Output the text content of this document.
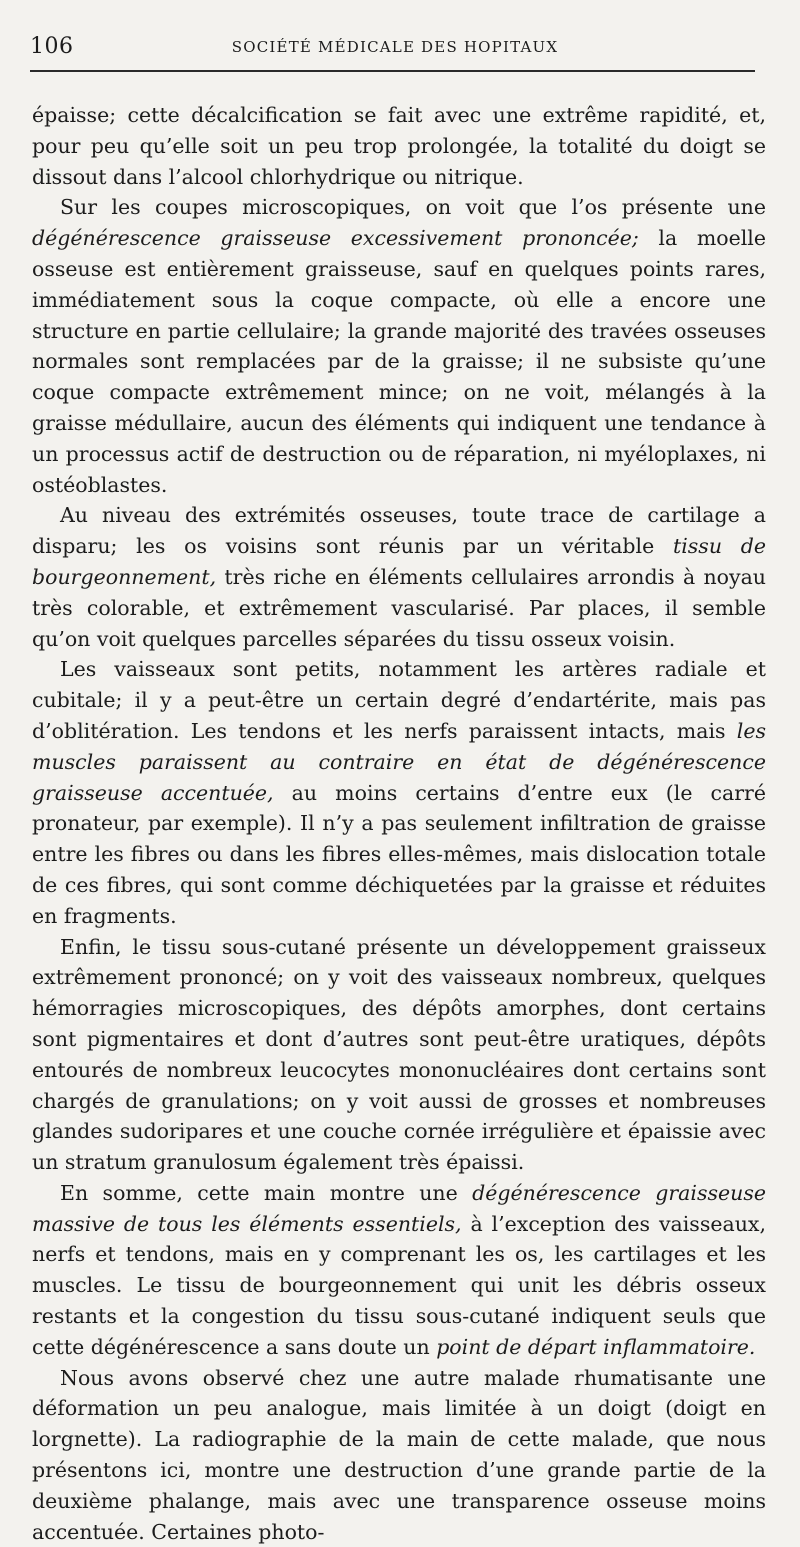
106	SOCIÉTÉ MÉDICALE DES HOPITAUX

épaisse; cette décalcification se fait avec une extrême rapidité, et, pour peu qu’elle soit un peu trop prolongée, la totalité du doigt se dissout dans l’alcool chlorhydrique ou nitrique.

Sur les coupes microscopiques, on voit que l’os présente une dégénérescence graisseuse excessivement prononcée; la moelle osseuse est entièrement graisseuse, sauf en quelques points rares, immédiatement sous la coque compacte, où elle a encore une structure en partie cellulaire; la grande majorité des travées osseuses normales sont remplacées par de la graisse; il ne subsiste qu’une coque compacte extrêmement mince; on ne voit, mélangés à la graisse médullaire, aucun des éléments qui indiquent une tendance à un processus actif de destruction ou de réparation, ni myéloplaxes, ni ostéoblastes.

Au niveau des extrémités osseuses, toute trace de cartilage a disparu; les os voisins sont réunis par un véritable tissu de bourgeonnement, très riche en éléments cellulaires arrondis à noyau très colorable, et extrêmement vascularisé. Par places, il semble qu’on voit quelques parcelles séparées du tissu osseux voisin.

Les vaisseaux sont petits, notamment les artères radiale et cubitale; il y a peut-être un certain degré d’endartérite, mais pas d’oblitération. Les tendons et les nerfs paraissent intacts, mais les muscles paraissent au contraire en état de dégénérescence graisseuse accentuée, au moins certains d’entre eux (le carré pronateur, par exemple). Il n’y a pas seulement infiltration de graisse entre les fibres ou dans les fibres elles-mêmes, mais dislocation totale de ces fibres, qui sont comme déchiquetées par la graisse et réduites en fragments.

Enfin, le tissu sous-cutané présente un développement graisseux extrêmement prononcé; on y voit des vaisseaux nombreux, quelques hémorragies microscopiques, des dépôts amorphes, dont certains sont pigmentaires et dont d’autres sont peut-être uratiques, dépôts entourés de nombreux leucocytes mononucléaires dont certains sont chargés de granulations; on y voit aussi de grosses et nombreuses glandes sudoripares et une couche cornée irrégulière et épaissie avec un stratum granulosum également très épaissi.

En somme, cette main montre une dégénérescence graisseuse massive de tous les éléments essentiels, à l’exception des vaisseaux, nerfs et tendons, mais en y comprenant les os, les cartilages et les muscles. Le tissu de bourgeonnement qui unit les débris osseux restants et la congestion du tissu sous-cutané indiquent seuls que cette dégénérescence a sans doute un point de départ inflammatoire.

Nous avons observé chez une autre malade rhumatisante une déformation un peu analogue, mais limitée à un doigt (doigt en lorgnette). La radiographie de la main de cette malade, que nous présentons ici, montre une destruction d’une grande partie de la deuxième phalange, mais avec une transparence osseuse moins accentuée. Certaines photo-
